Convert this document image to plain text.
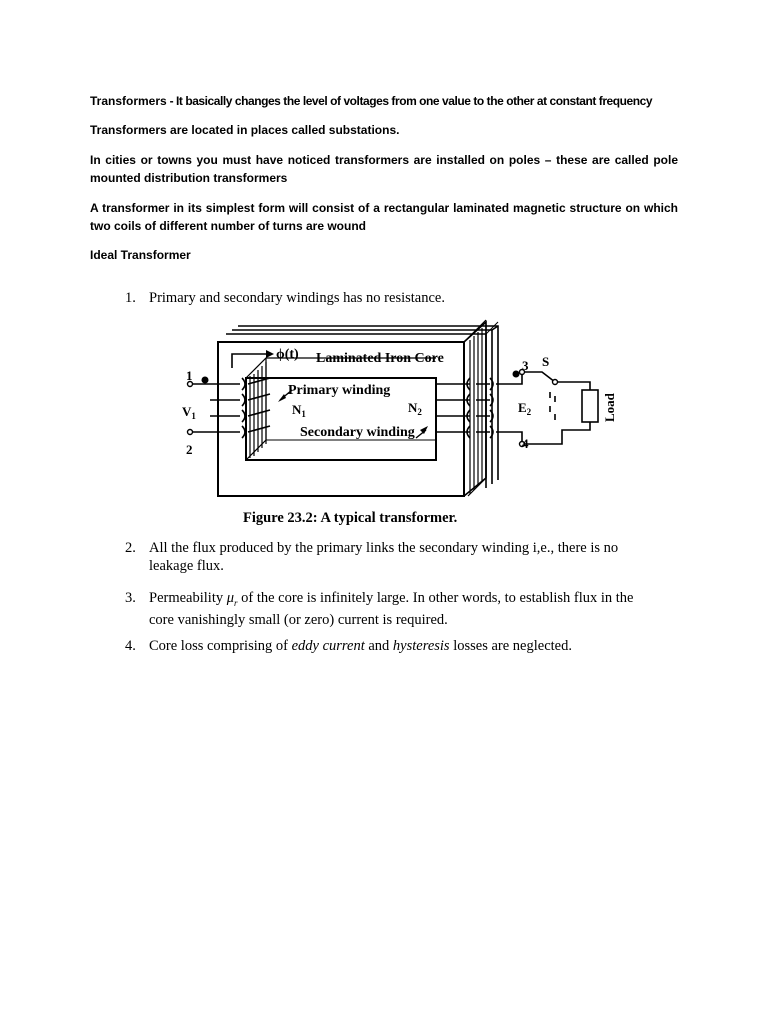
Transformers - It basically changes the level of voltages from one value to the other at constant frequency

Transformers are located in places called substations.

In cities or towns you must have noticed transformers are installed on poles – these are called pole mounted distribution transformers

A transformer in its simplest form will consist of a rectangular laminated magnetic structure on which two coils of different number of turns are wound

Ideal Transformer

1. Primary and secondary windings has no resistance.
2. All the flux produced by the primary links the secondary winding i,e., there is no leakage flux.
3. Permeability $\mu_r$ of the core is infinitely large. In other words, to establish flux in the core vanishingly small (or zero) current is required.
4. Core loss comprising of eddy current and hysteresis losses are neglected.
ϕ(t) Laminated Iron Core
Primary winding
Secondary winding
$N_1$	$N_2$
$V_1$
$E_2$
1
2
3
4
S
Load
Figure 23.2: A typical transformer.
